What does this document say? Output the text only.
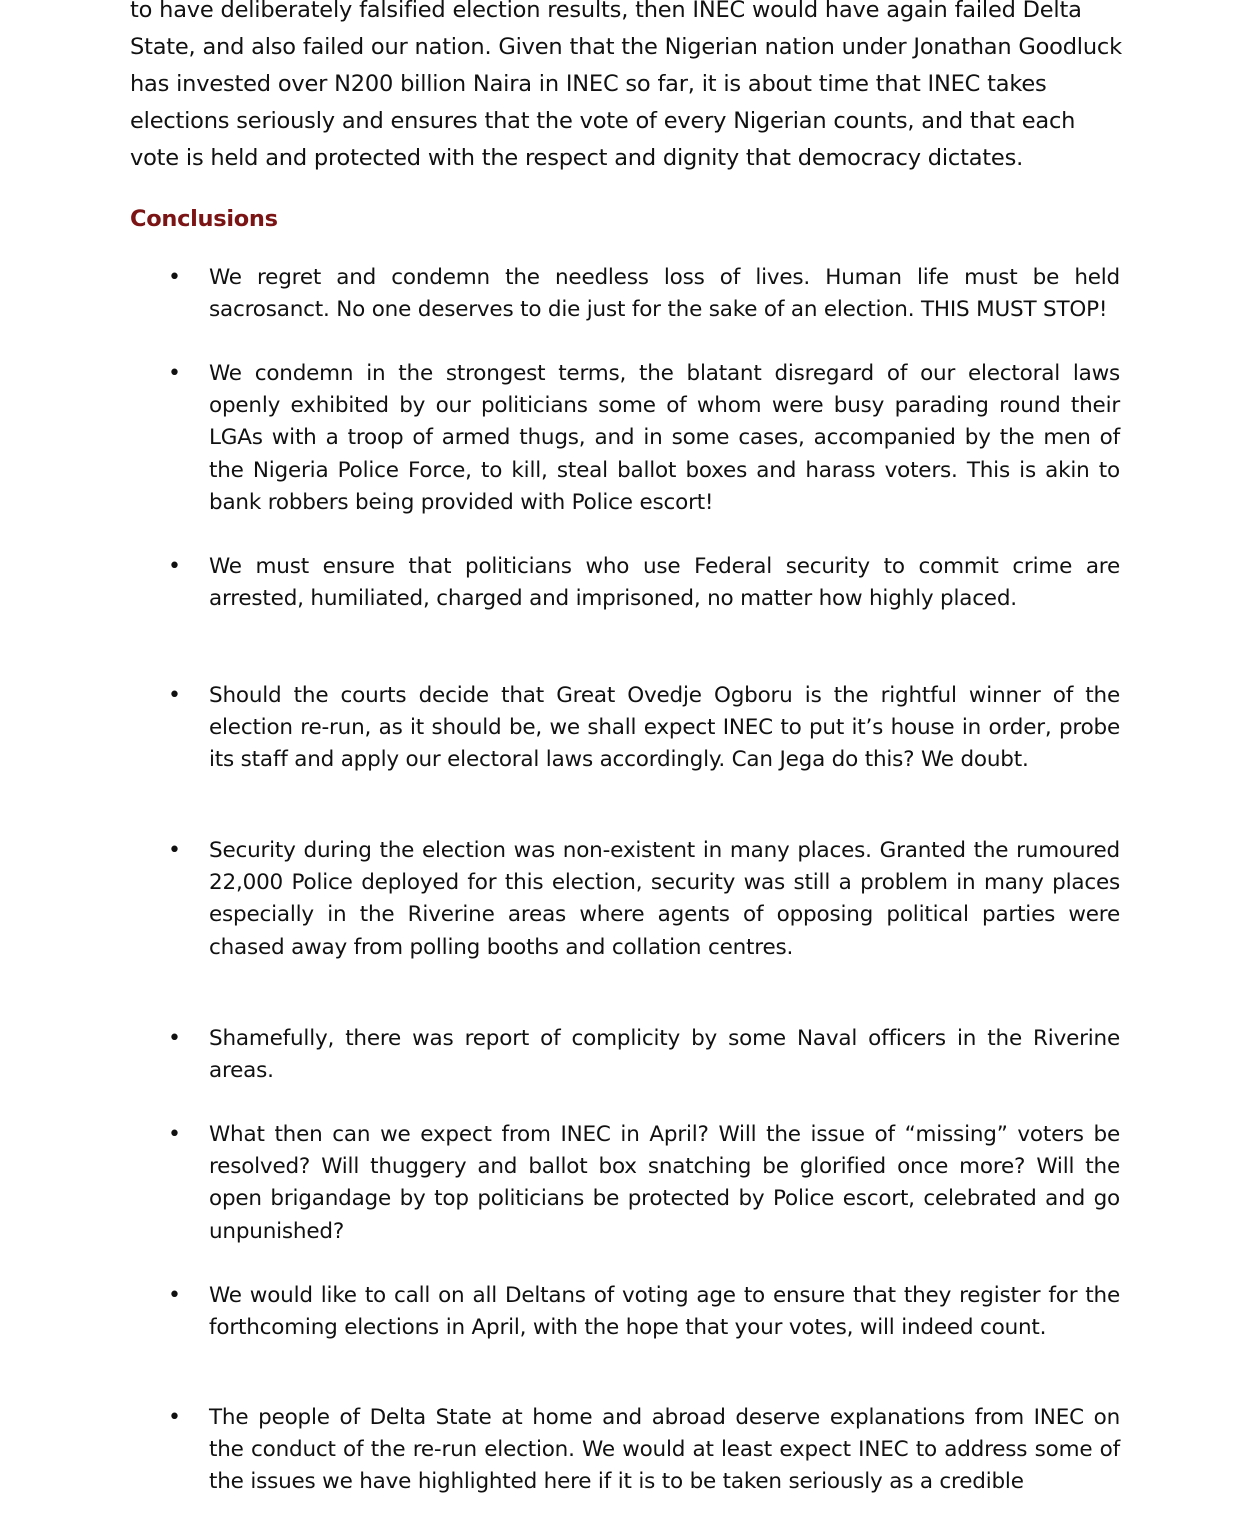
to have deliberately falsified election results, then INEC would have again failed Delta State, and also failed our nation. Given that the Nigerian nation under Jonathan Goodluck has invested over N200 billion Naira in INEC so far, it is about time that INEC takes elections seriously and ensures that the vote of every Nigerian counts, and that each vote is held and protected with the respect and dignity that democracy dictates.

Conclusions
• We regret and condemn the needless loss of lives. Human life must be held sacrosanct. No one deserves to die just for the sake of an election. THIS MUST STOP!

• We condemn in the strongest terms, the blatant disregard of our electoral laws openly exhibited by our politicians some of whom were busy parading round their LGAs with a troop of armed thugs, and in some cases, accompanied by the men of the Nigeria Police Force, to kill, steal ballot boxes and harass voters. This is akin to bank robbers being provided with Police escort!

• We must ensure that politicians who use Federal security to commit crime are arrested, humiliated, charged and imprisoned, no matter how highly placed.

• Should the courts decide that Great Ovedje Ogboru is the rightful winner of the election re-run, as it should be, we shall expect INEC to put it’s house in order, probe its staff and apply our electoral laws accordingly. Can Jega do this? We doubt.

• Security during the election was non-existent in many places. Granted the rumoured 22,000 Police deployed for this election, security was still a problem in many places especially in the Riverine areas where agents of opposing political parties were chased away from polling booths and collation centres.

• Shamefully, there was report of complicity by some Naval officers in the Riverine areas.

• What then can we expect from INEC in April? Will the issue of “missing” voters be resolved? Will thuggery and ballot box snatching be glorified once more? Will the open brigandage by top politicians be protected by Police escort, celebrated and go unpunished?

• We would like to call on all Deltans of voting age to ensure that they register for the forthcoming elections in April, with the hope that your votes, will indeed count.

• The people of Delta State at home and abroad deserve explanations from INEC on the conduct of the re-run election. We would at least expect INEC to address some of the issues we have highlighted here if it is to be taken seriously as a credible
